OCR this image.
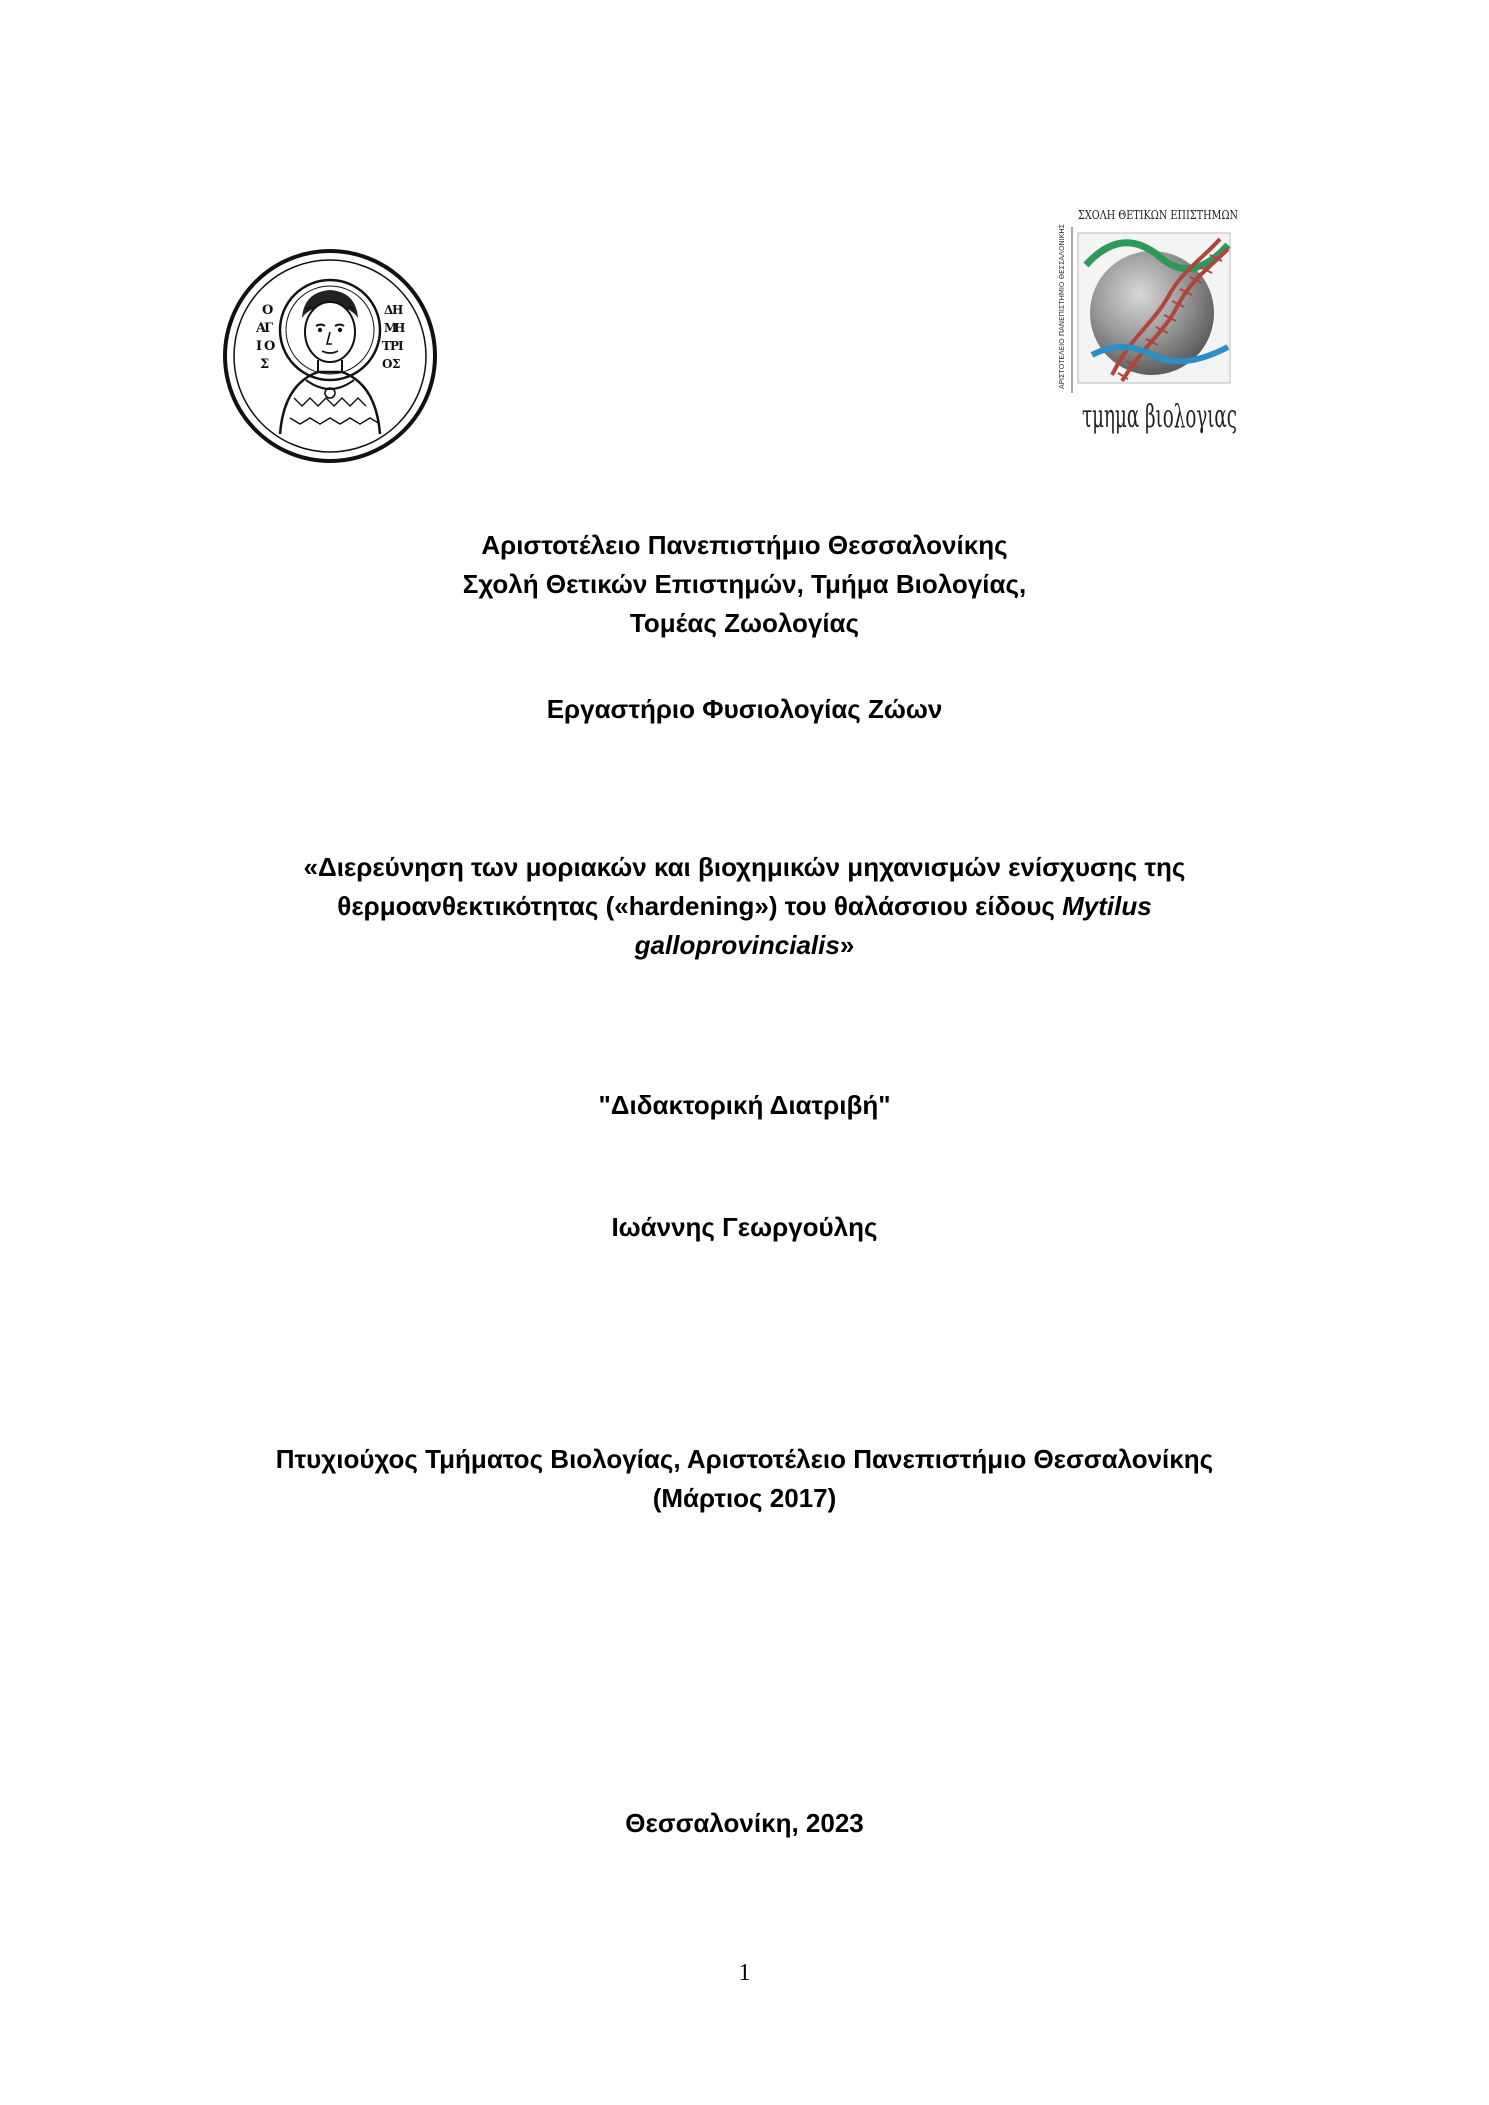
Ο ΑΓ Ι Ο Σ
ΔΗ ΜΗ ΤΡΙ ΟΣ
ΣΧΟΛΗ ΘΕΤΙΚΩΝ ΕΠΙΣΤΗΜΩΝ
ΑΡΙΣΤΟΤΕΛΕΙΟ ΠΑΝΕΠΙΣΤΗΜΙΟ ΘΕΣΣΑΛΟΝΙΚΗΣ
τμημα βιολογιας
Αριστοτέλειο Πανεπιστήμιο Θεσσαλονίκης
Σχολή Θετικών Επιστημών, Τμήμα Βιολογίας,
Τομέας Ζωολογίας
Εργαστήριο Φυσιολογίας Ζώων
«Διερεύνηση των μοριακών και βιοχημικών μηχανισμών ενίσχυσης της
θερμοανθεκτικότητας («hardening») του θαλάσσιου είδους Mytilus
galloprovincialis»
"Διδακτορική Διατριβή"
Ιωάννης Γεωργούλης
Πτυχιούχος Τμήματος Βιολογίας, Αριστοτέλειο Πανεπιστήμιο Θεσσαλονίκης
(Μάρτιος 2017)
Θεσσαλονίκη, 2023
1
